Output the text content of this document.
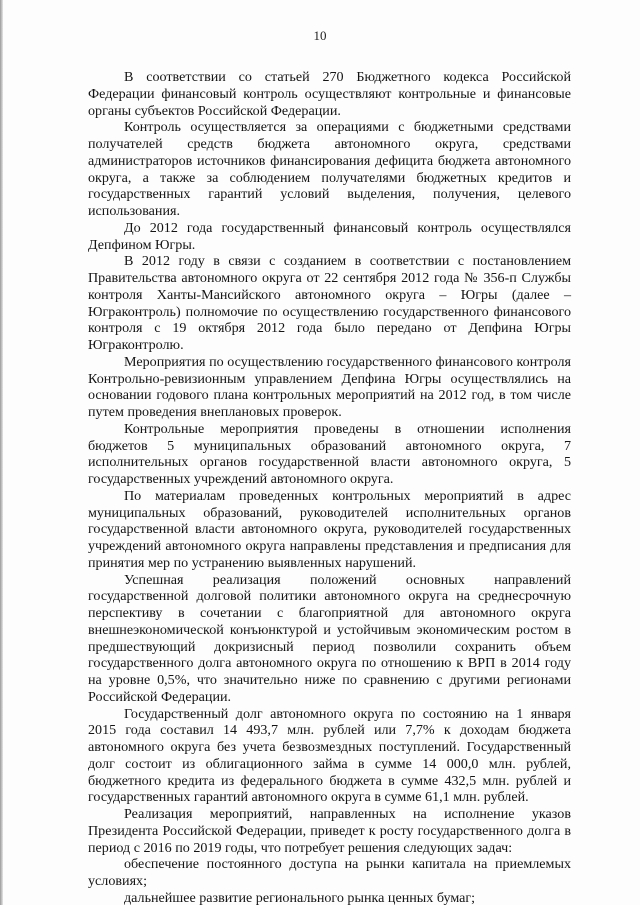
10

В соответствии со статьей 270 Бюджетного кодекса Российской Федерации финансовый контроль осуществляют контрольные и финансовые органы субъектов Российской Федерации.

Контроль осуществляется за операциями с бюджетными средствами получателей средств бюджета автономного округа, средствами администраторов источников финансирования дефицита бюджета автономного округа, а также за соблюдением получателями бюджетных кредитов и государственных гарантий условий выделения, получения, целевого использования.

До 2012 года государственный финансовый контроль осуществлялся Депфином Югры.

В 2012 году в связи с созданием в соответствии с постановлением Правительства автономного округа от 22 сентября 2012 года № 356-п Службы контроля Ханты-Мансийского автономного округа – Югры (далее – Юграконтроль) полномочие по осуществлению государственного финансового контроля с 19 октября 2012 года было передано от Депфина Югры Юграконтролю.

Мероприятия по осуществлению государственного финансового контроля Контрольно-ревизионным управлением Депфина Югры осуществлялись на основании годового плана контрольных мероприятий на 2012 год, в том числе путем проведения внеплановых проверок.

Контрольные мероприятия проведены в отношении исполнения бюджетов 5 муниципальных образований автономного округа, 7 исполнительных органов государственной власти автономного округа, 5 государственных учреждений автономного округа.

По материалам проведенных контрольных мероприятий в адрес муниципальных образований, руководителей исполнительных органов государственной власти автономного округа, руководителей государственных учреждений автономного округа направлены представления и предписания для принятия мер по устранению выявленных нарушений.

Успешная реализация положений основных направлений государственной долговой политики автономного округа на среднесрочную перспективу в сочетании с благоприятной для автономного округа внешнеэкономической конъюнктурой и устойчивым экономическим ростом в предшествующий докризисный период позволили сохранить объем государственного долга автономного округа по отношению к ВРП в 2014 году на уровне 0,5%, что значительно ниже по сравнению с другими регионами Российской Федерации.

Государственный долг автономного округа по состоянию на 1 января 2015 года составил 14 493,7 млн. рублей или 7,7% к доходам бюджета автономного округа без учета безвозмездных поступлений. Государственный долг состоит из облигационного займа в сумме 14 000,0 млн. рублей, бюджетного кредита из федерального бюджета в сумме 432,5 млн. рублей и государственных гарантий автономного округа в сумме 61,1 млн. рублей.

Реализация мероприятий, направленных на исполнение указов Президента Российской Федерации, приведет к росту государственного долга в период с 2016 по 2019 годы, что потребует решения следующих задач:

обеспечение постоянного доступа на рынки капитала на приемлемых условиях;

дальнейшее развитие регионального рынка ценных бумаг;
